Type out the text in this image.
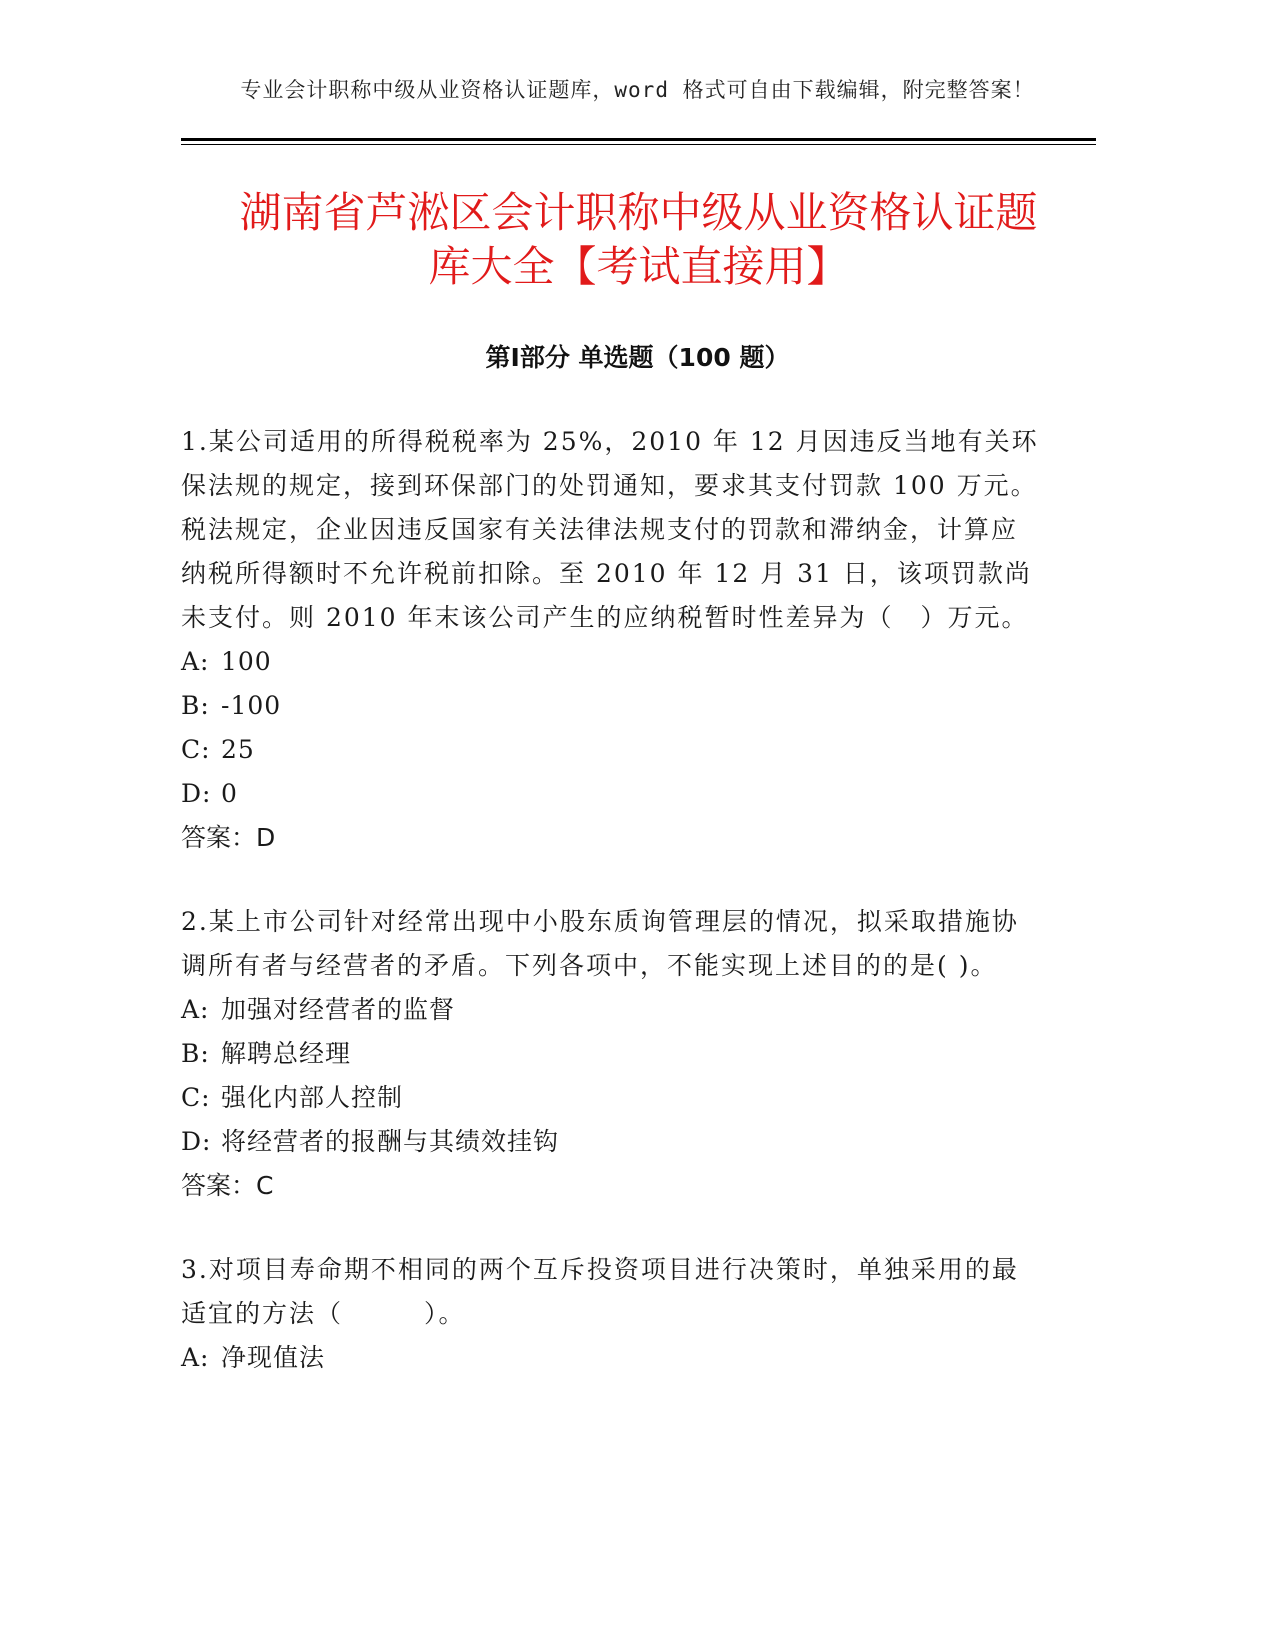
专业会计职称中级从业资格认证题库，word 格式可自由下载编辑，附完整答案！
湖南省芦淞区会计职称中级从业资格认证题
库大全【考试直接用】
第Ⅰ部分 单选题（100 题）

1.某公司适用的所得税税率为 25%，2010 年 12 月因违反当地有关环保法规的规定，接到环保部门的处罚通知，要求其支付罚款 100 万元。税法规定，企业因违反国家有关法律法规支付的罚款和滞纳金，计算应纳税所得额时不允许税前扣除。至 2010 年 12 月 31 日，该项罚款尚未支付。则 2010 年末该公司产生的应纳税暂时性差异为（　）万元。

A: 100

B: -100

C: 25

D: 0

答案：D

2.某上市公司针对经常出现中小股东质询管理层的情况，拟采取措施协调所有者与经营者的矛盾。下列各项中，不能实现上述目的的是( )。

A: 加强对经营者的监督

B: 解聘总经理

C: 强化内部人控制

D: 将经营者的报酬与其绩效挂钩

答案：C

3.对项目寿命期不相同的两个互斥投资项目进行决策时，单独采用的最适宜的方法（　　　）。

A: 净现值法
